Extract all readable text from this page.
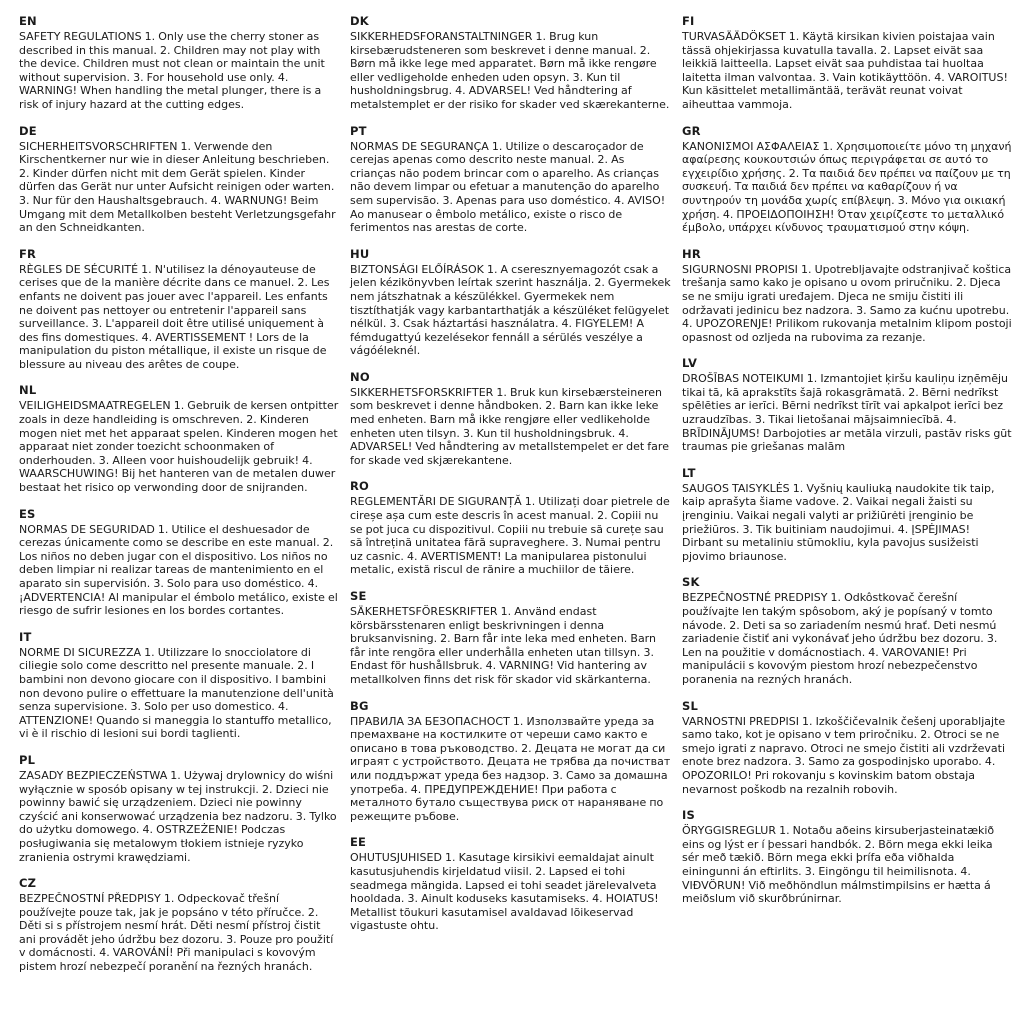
EN

SAFETY REGULATIONS 1. Only use the cherry stoner as described in this manual. 2. Children may not play with the device. Children must not clean or maintain the unit without supervision. 3. For household use only. 4. WARNING! When handling the metal plunger, there is a risk of injury hazard at the cutting edges.

DE

SICHERHEITSVORSCHRIFTEN 1. Verwende den Kirschentkerner nur wie in dieser Anleitung beschrieben. 2. Kinder dürfen nicht mit dem Gerät spielen. Kinder dürfen das Gerät nur unter Aufsicht reinigen oder warten. 3. Nur für den Haushaltsgebrauch. 4. WARNUNG! Beim Umgang mit dem Metallkolben besteht Verletzungsgefahr an den Schneidkanten.

FR

RÈGLES DE SÉCURITÉ 1. N'utilisez la dénoyauteuse de cerises que de la manière décrite dans ce manuel. 2. Les enfants ne doivent pas jouer avec l'appareil. Les enfants ne doivent pas nettoyer ou entretenir l'appareil sans surveillance. 3. L'appareil doit être utilisé uniquement à des fins domestiques. 4. AVERTISSEMENT ! Lors de la manipulation du piston métallique, il existe un risque de blessure au niveau des arêtes de coupe.

NL

VEILIGHEIDSMAATREGELEN 1. Gebruik de kersen ontpitter zoals in deze handleiding is omschreven. 2. Kinderen mogen niet met het apparaat spelen. Kinderen mogen het apparaat niet zonder toezicht schoonmaken of onderhouden. 3. Alleen voor huishoudelijk gebruik! 4. WAARSCHUWING! Bij het hanteren van de metalen duwer bestaat het risico op verwonding door de snijranden.

ES

NORMAS DE SEGURIDAD 1. Utilice el deshuesador de cerezas únicamente como se describe en este manual. 2. Los niños no deben jugar con el dispositivo. Los niños no deben limpiar ni realizar tareas de mantenimiento en el aparato sin supervisión. 3. Solo para uso doméstico. 4. ¡ADVERTENCIA! Al manipular el émbolo metálico, existe el riesgo de sufrir lesiones en los bordes cortantes.

IT

NORME DI SICUREZZA 1. Utilizzare lo snocciolatore di ciliegie solo come descritto nel presente manuale. 2. I bambini non devono giocare con il dispositivo. I bambini non devono pulire o effettuare la manutenzione dell'unità senza supervisione. 3. Solo per uso domestico. 4. ATTENZIONE! Quando si maneggia lo stantuffo metallico, vi è il rischio di lesioni sui bordi taglienti.

PL

ZASADY BEZPIECZEŃSTWA 1. Używaj drylownicy do wiśni wyłącznie w sposób opisany w tej instrukcji. 2. Dzieci nie powinny bawić się urządzeniem. Dzieci nie powinny czyścić ani konserwować urządzenia bez nadzoru. 3. Tylko do użytku domowego. 4. OSTRZEŻENIE! Podczas posługiwania się metalowym tłokiem istnieje ryzyko zranienia ostrymi krawędziami.

CZ

BEZPEČNOSTNÍ PŘEDPISY 1. Odpeckovač třešní používejte pouze tak, jak je popsáno v této příručce. 2. Děti si s přístrojem nesmí hrát. Děti nesmí přístroj čistit ani provádět jeho údržbu bez dozoru. 3. Pouze pro použití v domácnosti. 4. VAROVÁNÍ! Při manipulaci s kovovým pistem hrozí nebezpečí poranění na řezných hranách.

DK

SIKKERHEDSFORANSTALTNINGER 1. Brug kun kirsebærudsteneren som beskrevet i denne manual. 2. Børn må ikke lege med apparatet. Børn må ikke rengøre eller vedligeholde enheden uden opsyn. 3. Kun til husholdningsbrug. 4. ADVARSEL! Ved håndtering af metalstemplet er der risiko for skader ved skærekanterne.

PT

NORMAS DE SEGURANÇA 1. Utilize o descaroçador de cerejas apenas como descrito neste manual. 2. As crianças não podem brincar com o aparelho. As crianças não devem limpar ou efetuar a manutenção do aparelho sem supervisão. 3. Apenas para uso doméstico. 4. AVISO! Ao manusear o êmbolo metálico, existe o risco de ferimentos nas arestas de corte.

HU

BIZTONSÁGI ELŐÍRÁSOK 1. A cseresznyemagozót csak a jelen kézikönyvben leírtak szerint használja. 2. Gyermekek nem játszhatnak a készülékkel. Gyermekek nem tisztíthatják vagy karbantarthatják a készüléket felügyelet nélkül. 3. Csak háztartási használatra. 4. FIGYELEM! A fémdugattyú kezelésekor fennáll a sérülés veszélye a vágóéleknél.

NO

SIKKERHETSFORSKRIFTER 1. Bruk kun kirsebærsteineren som beskrevet i denne håndboken. 2. Barn kan ikke leke med enheten. Barn må ikke rengjøre eller vedlikeholde enheten uten tilsyn. 3. Kun til husholdningsbruk. 4. ADVARSEL! Ved håndtering av metallstempelet er det fare for skade ved skjærekantene.

RO

REGLEMENTĂRI DE SIGURANȚĂ 1. Utilizați doar pietrele de cireșe așa cum este descris în acest manual. 2. Copiii nu se pot juca cu dispozitivul. Copiii nu trebuie să curețe sau să întrețină unitatea fără supraveghere. 3. Numai pentru uz casnic. 4. AVERTISMENT! La manipularea pistonului metalic, există riscul de rănire a muchiilor de tăiere.

SE

SÄKERHETSFÖRESKRIFTER 1. Använd endast körsbärsstenaren enligt beskrivningen i denna bruksanvisning. 2. Barn får inte leka med enheten. Barn får inte rengöra eller underhålla enheten utan tillsyn. 3. Endast för hushållsbruk. 4. VARNING! Vid hantering av metallkolven finns det risk för skador vid skärkanterna.

BG

ПРАВИЛА ЗА БЕЗОПАСНОСТ 1. Използвайте уреда за премахване на костилките от череши само както е описано в това ръководство. 2. Децата не могат да си играят с устройството. Децата не трябва да почистват или поддържат уреда без надзор. 3. Само за домашна употреба. 4. ПРЕДУПРЕЖДЕНИЕ! При работа с металното бутало съществува риск от нараняване по режещите ръбове.

EE

OHUTUSJUHISED 1. Kasutage kirsikivi eemaldajat ainult kasutusjuhendis kirjeldatud viisil. 2. Lapsed ei tohi seadmega mängida. Lapsed ei tohi seadet järelevalveta hooldada. 3. Ainult koduseks kasutamiseks. 4. HOIATUS! Metallist tõukuri kasutamisel avaldavad lõikeservad vigastuste ohtu.

FI

TURVASÄÄDÖKSET 1. Käytä kirsikan kivien poistajaa vain tässä ohjekirjassa kuvatulla tavalla. 2. Lapset eivät saa leikkiä laitteella. Lapset eivät saa puhdistaa tai huoltaa laitetta ilman valvontaa. 3. Vain kotikäyttöön. 4. VAROITUS! Kun käsittelet metallimäntää, terävät reunat voivat aiheuttaa vammoja.

GR

ΚΑΝΟΝΙΣΜΟΙ ΑΣΦΑΛΕΙΑΣ 1. Χρησιμοποιείτε μόνο τη μηχανή αφαίρεσης κουκουτσιών όπως περιγράφεται σε αυτό το εγχειρίδιο χρήσης. 2. Τα παιδιά δεν πρέπει να παίζουν με τη συσκευή. Τα παιδιά δεν πρέπει να καθαρίζουν ή να συντηρούν τη μονάδα χωρίς επίβλεψη. 3. Μόνο για οικιακή χρήση. 4. ΠΡΟΕΙΔΟΠΟΙΗΣΗ! Όταν χειρίζεστε το μεταλλικό έμβολο, υπάρχει κίνδυνος τραυματισμού στην κόψη.

HR

SIGURNOSNI PROPISI 1. Upotrebljavajte odstranjivač koštica trešanja samo kako je opisano u ovom priručniku. 2. Djeca se ne smiju igrati uređajem. Djeca ne smiju čistiti ili održavati jedinicu bez nadzora. 3. Samo za kućnu upotrebu. 4. UPOZORENJE! Prilikom rukovanja metalnim klipom postoji opasnost od ozljeda na rubovima za rezanje.

LV

DROŠĪBAS NOTEIKUMI 1. Izmantojiet ķiršu kauliņu izņēmēju tikai tā, kā aprakstīts šajā rokasgrāmatā. 2. Bērni nedrīkst spēlēties ar ierīci. Bērni nedrīkst tīrīt vai apkalpot ierīci bez uzraudzības. 3. Tikai lietošanai mājsaimniecībā. 4. BRĪDINĀJUMS! Darbojoties ar metāla virzuli, pastāv risks gūt traumas pie griešanas malām

LT

SAUGOS TAISYKLĖS 1. Vyšnių kauliuką naudokite tik taip, kaip aprašyta šiame vadove. 2. Vaikai negali žaisti su įrenginiu. Vaikai negali valyti ar prižiūrėti įrenginio be priežiūros. 3. Tik buitiniam naudojimui. 4. ĮSPĖJIMAS! Dirbant su metaliniu stūmokliu, kyla pavojus susižeisti pjovimo briaunose.

SK

BEZPEČNOSTNÉ PREDPISY 1. Odkôstkovač čerešní používajte len takým spôsobom, aký je popísaný v tomto návode. 2. Deti sa so zariadením nesmú hrať. Deti nesmú zariadenie čistiť ani vykonávať jeho údržbu bez dozoru. 3. Len na použitie v domácnostiach. 4. VAROVANIE! Pri manipulácii s kovovým piestom hrozí nebezpečenstvo poranenia na rezných hranách.

SL

VARNOSTNI PREDPISI 1. Izkoščičevalnik češenj uporabljajte samo tako, kot je opisano v tem priročniku. 2. Otroci se ne smejo igrati z napravo. Otroci ne smejo čistiti ali vzdrževati enote brez nadzora. 3. Samo za gospodinjsko uporabo. 4. OPOZORILO! Pri rokovanju s kovinskim batom obstaja nevarnost poškodb na rezalnih robovih.

IS

ÖRYGGISREGLUR 1. Notaðu aðeins kirsuberjasteinatækið eins og lýst er í þessari handbók. 2. Börn mega ekki leika sér með tækið. Börn mega ekki þrífa eða viðhalda einingunni án eftirlits. 3. Eingöngu til heimilisnota. 4. VIÐVÖRUN! Við meðhöndlun málmstimpilsins er hætta á meiðslum við skurðbrúnirnar.
